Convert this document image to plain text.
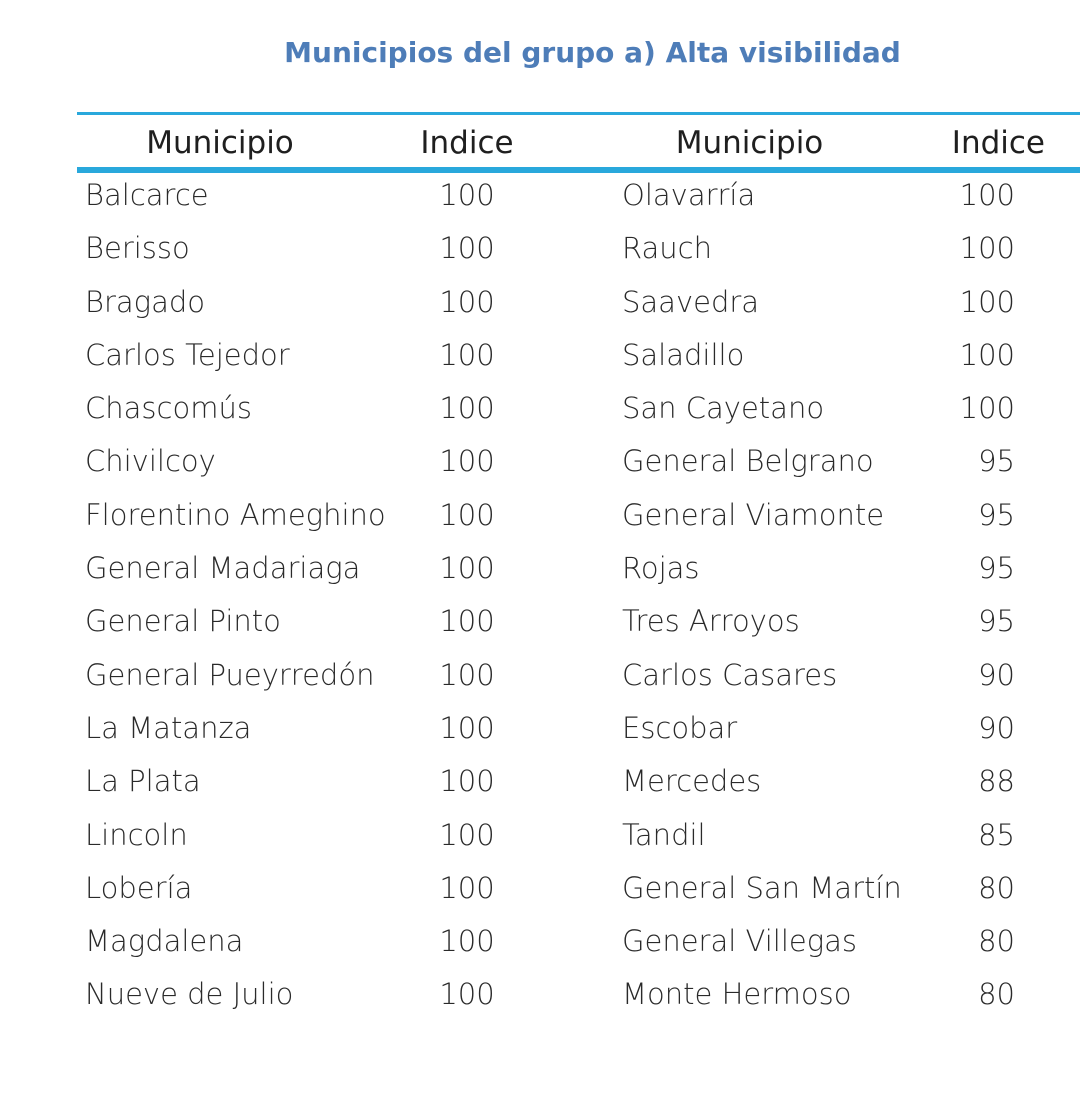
Municipios del grupo a) Alta visibilidad
Municipio	Indice	Municipio	Indice
Balcarce	100	Olavarría	100
Berisso	100	Rauch	100
Bragado	100	Saavedra	100
Carlos Tejedor	100	Saladillo	100
Chascomús	100	San Cayetano	100
Chivilcoy	100	General Belgrano	95
Florentino Ameghino	100	General Viamonte	95
General Madariaga	100	Rojas	95
General Pinto	100	Tres Arroyos	95
General Pueyrredón	100	Carlos Casares	90
La Matanza	100	Escobar	90
La Plata	100	Mercedes	88
Lincoln	100	Tandil	85
Lobería	100	General San Martín	80
Magdalena	100	General Villegas	80
Nueve de Julio	100	Monte Hermoso	80
